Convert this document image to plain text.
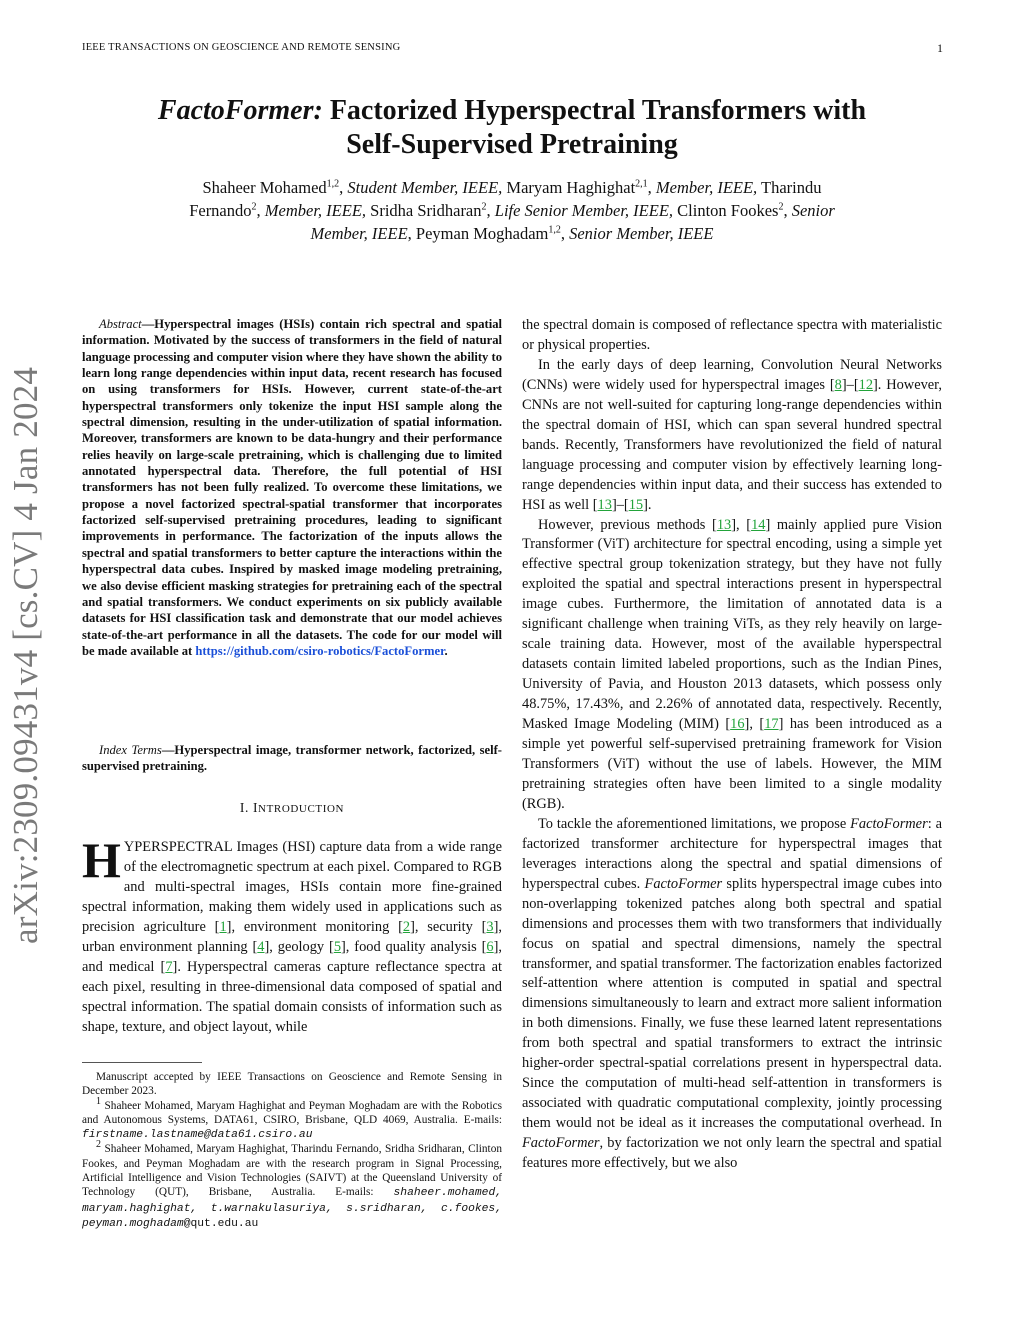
IEEE TRANSACTIONS ON GEOSCIENCE AND REMOTE SENSING	1
FactoFormer: Factorized Hyperspectral Transformers with
Self-Supervised Pretraining
Shaheer Mohamed$^{1,2}$, Student Member, IEEE, Maryam Haghighat$^{2,1}$, Member, IEEE, Tharindu
Fernando$^2$, Member, IEEE, Sridha Sridharan$^2$, Life Senior Member, IEEE, Clinton Fookes$^2$, Senior
Member, IEEE, Peyman Moghadam$^{1,2}$, Senior Member, IEEE
arXiv:2309.09431v4 [cs.CV] 4 Jan 2024

Abstract—Hyperspectral images (HSIs) contain rich spectral and spatial information. Motivated by the success of transformers in the field of natural language processing and computer vision where they have shown the ability to learn long range dependencies within input data, recent research has focused on using transformers for HSIs. However, current state-of-the-art hyperspectral transformers only tokenize the input HSI sample along the spectral dimension, resulting in the under-utilization of spatial information. Moreover, transformers are known to be data-hungry and their performance relies heavily on large-scale pretraining, which is challenging due to limited annotated hyperspectral data. Therefore, the full potential of HSI transformers has not been fully realized. To overcome these limitations, we propose a novel factorized spectral-spatial transformer that incorporates factorized self-supervised pretraining procedures, leading to significant improvements in performance. The factorization of the inputs allows the spectral and spatial transformers to better capture the interactions within the hyperspectral data cubes. Inspired by masked image modeling pretraining, we also devise efficient masking strategies for pretraining each of the spectral and spatial transformers. We conduct experiments on six publicly available datasets for HSI classification task and demonstrate that our model achieves state-of-the-art performance in all the datasets. The code for our model will be made available at https://github.com/csiro-robotics/FactoFormer.

Index Terms—Hyperspectral image, transformer network, factorized, self-supervised pretraining.
I. INTRODUCTION

HYPERSPECTRAL Images (HSI) capture data from a wide range of the electromagnetic spectrum at each pixel. Compared to RGB and multi-spectral images, HSIs contain more fine-grained spectral information, making them widely used in applications such as precision agriculture [1], environment monitoring [2], security [3], urban environment planning [4], geology [5], food quality analysis [6], and medical [7]. Hyperspectral cameras capture reflectance spectra at each pixel, resulting in three-dimensional data composed of spatial and spectral information. The spatial domain consists of information such as shape, texture, and object layout, while

Manuscript accepted by IEEE Transactions on Geoscience and Remote Sensing in December 2023.

$^1$ Shaheer Mohamed, Maryam Haghighat and Peyman Moghadam are with the Robotics and Autonomous Systems, DATA61, CSIRO, Brisbane, QLD 4069, Australia. E-mails: firstname.lastname@data61.csiro.au

$^2$ Shaheer Mohamed, Maryam Haghighat, Tharindu Fernando, Sridha Sridharan, Clinton Fookes, and Peyman Moghadam are with the research program in Signal Processing, Artificial Intelligence and Vision Technologies (SAIVT) at the Queensland University of Technology (QUT), Brisbane, Australia. E-mails: shaheer.mohamed, maryam.haghighat, t.warnakulasuriya, s.sridharan, c.fookes, peyman.moghadam@qut.edu.au

the spectral domain is composed of reflectance spectra with materialistic or physical properties.

In the early days of deep learning, Convolution Neural Networks (CNNs) were widely used for hyperspectral images [8]–[12]. However, CNNs are not well-suited for capturing long-range dependencies within the spectral domain of HSI, which can span several hundred spectral bands. Recently, Transformers have revolutionized the field of natural language processing and computer vision by effectively learning long-range dependencies within input data, and their success has extended to HSI as well [13]–[15].

However, previous methods [13], [14] mainly applied pure Vision Transformer (ViT) architecture for spectral encoding, using a simple yet effective spectral group tokenization strategy, but they have not fully exploited the spatial and spectral interactions present in hyperspectral image cubes. Furthermore, the limitation of annotated data is a significant challenge when training ViTs, as they rely heavily on large-scale training data. However, most of the available hyperspectral datasets contain limited labeled proportions, such as the Indian Pines, University of Pavia, and Houston 2013 datasets, which possess only 48.75%, 17.43%, and 2.26% of annotated data, respectively. Recently, Masked Image Modeling (MIM) [16], [17] has been introduced as a simple yet powerful self-supervised pretraining framework for Vision Transformers (ViT) without the use of labels. However, the MIM pretraining strategies often have been limited to a single modality (RGB).

To tackle the aforementioned limitations, we propose FactoFormer: a factorized transformer architecture for hyperspectral images that leverages interactions along the spectral and spatial dimensions of hyperspectral cubes. FactoFormer splits hyperspectral image cubes into non-overlapping tokenized patches along both spectral and spatial dimensions and processes them with two transformers that individually focus on spatial and spectral dimensions, namely the spectral transformer, and spatial transformer. The factorization enables factorized self-attention where attention is computed in spatial and spectral dimensions simultaneously to learn and extract more salient information in both dimensions. Finally, we fuse these learned latent representations from both spectral and spatial transformers to extract the intrinsic higher-order spectral-spatial correlations present in hyperspectral data. Since the computation of multi-head self-attention in transformers is associated with quadratic computational complexity, jointly processing them would not be ideal as it increases the computational overhead. In FactoFormer, by factorization we not only learn the spectral and spatial features more effectively, but we also
